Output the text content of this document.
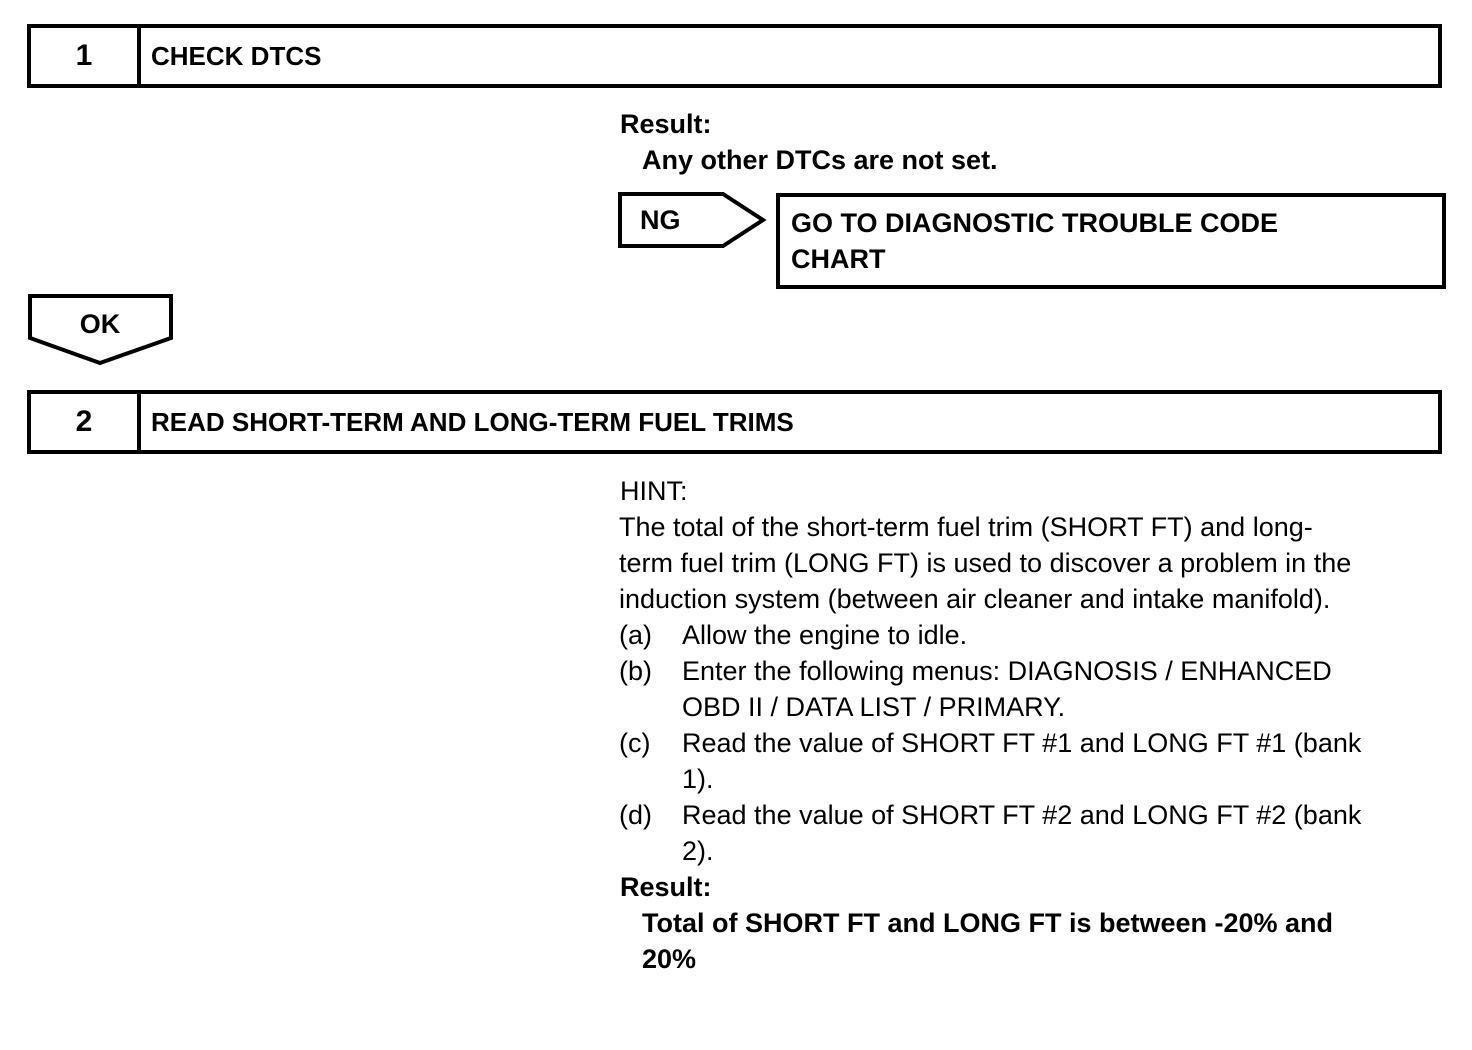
1	CHECK DTCS
Result:
Any other DTCs are not set.
NG	GO TO DIAGNOSTIC TROUBLE CODE
CHART
OK
2	READ SHORT-TERM AND LONG-TERM FUEL TRIMS
HINT:
The total of the short-term fuel trim (SHORT FT) and long-
term fuel trim (LONG FT) is used to discover a problem in the
induction system (between air cleaner and intake manifold).
(a) Allow the engine to idle.
(b) Enter the following menus: DIAGNOSIS / ENHANCED
OBD II / DATA LIST / PRIMARY.
(c) Read the value of SHORT FT #1 and LONG FT #1 (bank
1).
(d) Read the value of SHORT FT #2 and LONG FT #2 (bank
2).
Result:
Total of SHORT FT and LONG FT is between -20% and
20%
